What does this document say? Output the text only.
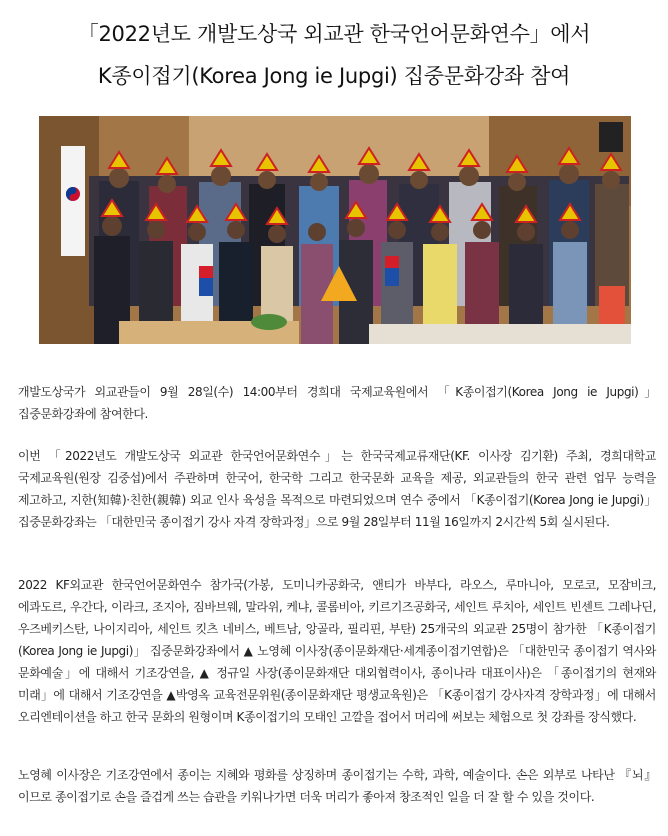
「2022년도 개발도상국 외교관 한국언어문화연수」에서
K종이접기(Korea Jong ie Jupgi) 집중문화강좌 참여

개발도상국가 외교관들이 9월 28일(수) 14:00부터 경희대 국제교육원에서 「K종이접기(Korea Jong ie Jupgi)」 집중문화강좌에 참여한다.

이번 「2022년도 개발도상국 외교관 한국언어문화연수」는 한국국제교류재단(KF. 이사장 김기환) 주최, 경희대학교 국제교육원(원장 김중섭)에서 주관하며 한국어, 한국학 그리고 한국문화 교육을 제공, 외교관들의 한국 관련 업무 능력을 제고하고, 지한(知韓)·친한(親韓) 외교 인사 육성을 목적으로 마련되었으며 연수 중에서 「K종이접기(Korea Jong ie Jupgi)」 집중문화강좌는 「대한민국 종이접기 강사 자격 장학과정」으로 9월 28일부터 11월 16일까지 2시간씩 5회 실시된다.

2022 KF외교관 한국언어문화연수 참가국(가봉, 도미니카공화국, 앤티가 바부다, 라오스, 루마니아, 모로코, 모잠비크, 에콰도르, 우간다, 이라크, 조지아, 짐바브웨, 말라위, 케냐, 콜롬비아, 키르기즈공화국, 세인트 루치아, 세인트 빈센트 그레나딘, 우즈베키스탄, 나이지리아, 세인트 킷츠 네비스, 베트남, 앙골라, 필리핀, 부탄) 25개국의 외교관 25명이 참가한 「K종이접기(Korea Jong ie Jupgi)」 집중문화강좌에서 ▲ 노영혜 이사장(종이문화재단·세계종이접기연합)은 「대한민국 종이접기 역사와 문화예술」에 대해서 기조강연을, ▲ 정규일 사장(종이문화재단 대외협력이사, 종이나라 대표이사)은 「종이접기의 현재와 미래」에 대해서 기조강연을 ▲박영옥 교육전문위원(종이문화재단 평생교육원)은 「K종이접기 강사자격 장학과정」에 대해서 오리엔테이션을 하고 한국 문화의 원형이며 K종이접기의 모태인 고깔을 접어서 머리에 써보는 체험으로 첫 강좌를 장식했다.

노영혜 이사장은 기조강연에서 종이는 지혜와 평화를 상징하며 종이접기는 수학, 과학, 예술이다. 손은 외부로 나타난 『뇌』이므로 종이접기로 손을 즐겁게 쓰는 습관을 키워나가면 더욱 머리가 좋아져 창조적인 일을 더 잘 할 수 있을 것이다.
